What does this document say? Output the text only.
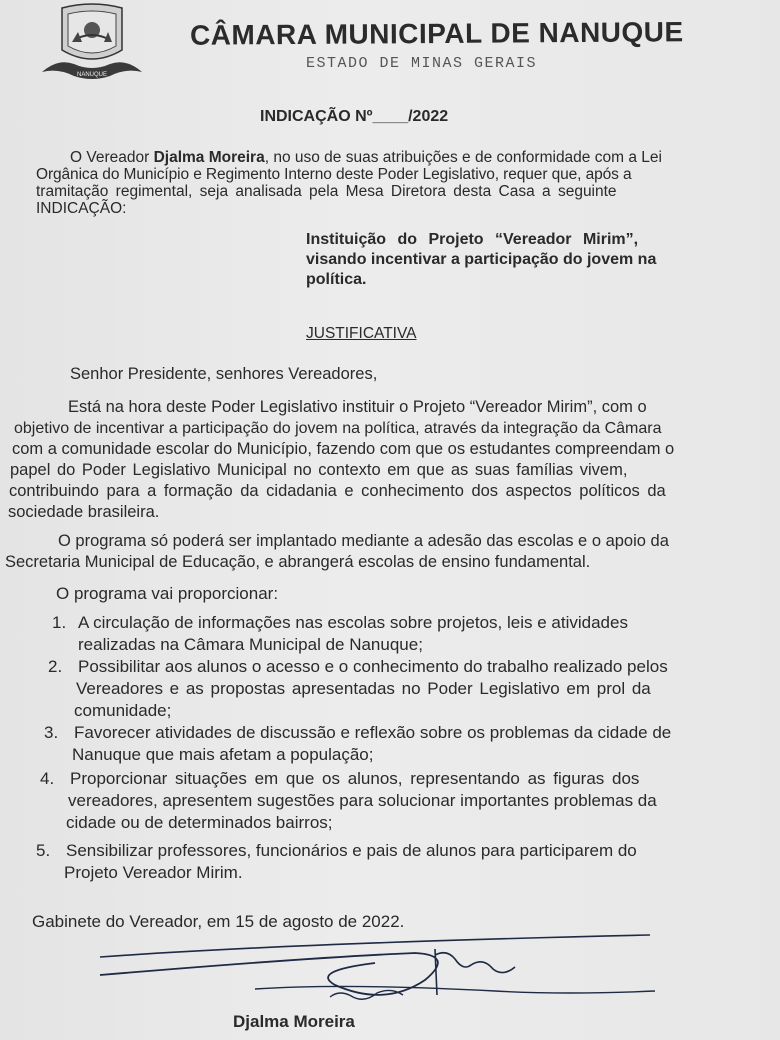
NANUQUE
CÂMARA MUNICIPAL DE NANUQUE
ESTADO DE MINAS GERAIS
INDICAÇÃO Nº____/2022
O Vereador Djalma Moreira, no uso de suas atribuições e de conformidade com a Lei
Orgânica do Município e Regimento Interno deste Poder Legislativo, requer que, após a
tramitação regimental, seja analisada pela Mesa Diretora desta Casa a seguinte
INDICAÇÃO:
Instituição do Projeto “Vereador Mirim”,
visando incentivar a participação do jovem na
política.
JUSTIFICATIVA
Senhor Presidente, senhores Vereadores,
Está na hora deste Poder Legislativo instituir o Projeto “Vereador Mirim”, com o
objetivo de incentivar a participação do jovem na política, através da integração da Câmara
com a comunidade escolar do Município, fazendo com que os estudantes compreendam o
papel do Poder Legislativo Municipal no contexto em que as suas famílias vivem,
contribuindo para a formação da cidadania e conhecimento dos aspectos políticos da
sociedade brasileira.
O programa só poderá ser implantado mediante a adesão das escolas e o apoio da
Secretaria Municipal de Educação, e abrangerá escolas de ensino fundamental.
O programa vai proporcionar:
1. A circulação de informações nas escolas sobre projetos, leis e atividades
realizadas na Câmara Municipal de Nanuque;
2. Possibilitar aos alunos o acesso e o conhecimento do trabalho realizado pelos
Vereadores e as propostas apresentadas no Poder Legislativo em prol da
comunidade;
3. Favorecer atividades de discussão e reflexão sobre os problemas da cidade de
Nanuque que mais afetam a população;
4. Proporcionar situações em que os alunos, representando as figuras dos
vereadores, apresentem sugestões para solucionar importantes problemas da
cidade ou de determinados bairros;
5. Sensibilizar professores, funcionários e pais de alunos para participarem do
Projeto Vereador Mirim.
Gabinete do Vereador, em 15 de agosto de 2022.
Djalma Moreira
